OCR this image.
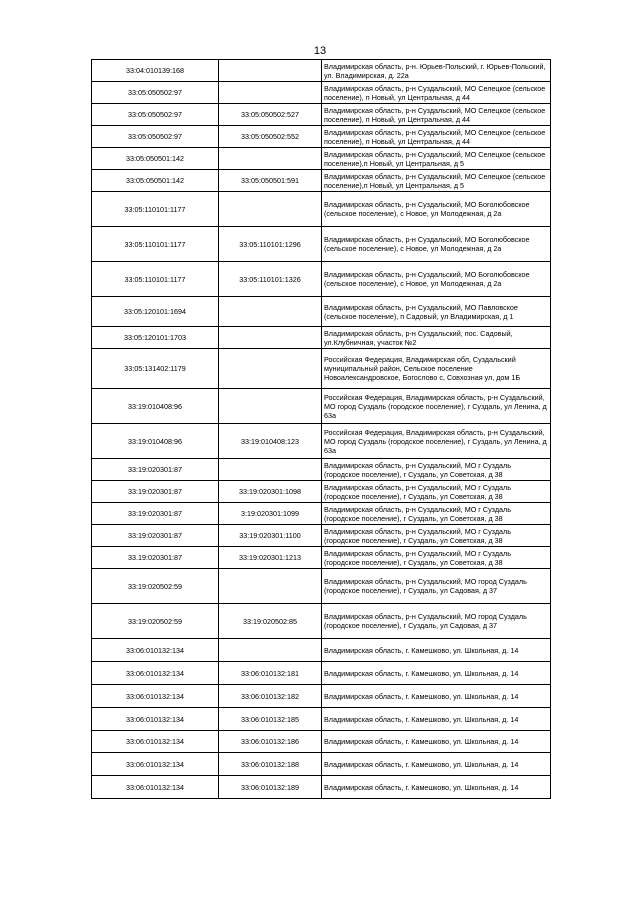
13
33:04:010139:168		Владимирская область, р-н. Юрьев-Польский, г. Юрьев-Польский, ул. Владимирская, д. 22а
33:05:050502:97		Владимирская область, р-н Суздальский, МО Селецкое (сельское поселение), п Новый, ул Центральная, д 44
33:05:050502:97	33:05:050502:527	Владимирская область, р-н Суздальский, МО Селецкое (сельское поселение), п Новый, ул Центральная, д 44
33:05:050502:97	33:05:050502:552	Владимирская область, р-н Суздальский, МО Селецкое (сельское поселение), п Новый, ул Центральная, д 44
33:05:050501:142		Владимирская область, р-н Суздальский, МО Селецкое (сельское поселение),п Новый, ул Центральная, д 5
33:05:050501:142	33:05:050501:591	Владимирская область, р-н Суздальский, МО Селецкое (сельское поселение),п Новый, ул Центральная, д 5
33:05:110101:1177		Владимирская область, р-н Суздальский, МО Боголюбовское (сельское поселение), с Новое, ул Молодежная, д 2а
33:05:110101:1177	33:05:110101:1296	Владимирская область, р-н Суздальский, МО Боголюбовское (сельское поселение), с Новое, ул Молодежная, д 2а
33:05:110101:1177	33:05:110101:1326	Владимирская область, р-н Суздальский, МО Боголюбовское (сельское поселение), с Новое, ул Молодежная, д 2а
33:05:120101:1694		Владимирская область, р-н Суздальский, МО Павловское (сельское поселение), п Садовый, ул Владимирская, д 1
33:05:120101:1703		Владимирская область, р-н Суздальский, пос. Садовый, ул.Клубничная, участок №2
33:05:131402:1179		Российская Федерация, Владимирская обл, Суздальский муниципальный район, Сельское поселение Новоалександровское, Богослово с, Совхозная ул, дом 1Б
33:19:010408:96		Российская Федерация, Владимирская область, р-н Суздальский, МО город Суздаль (городское поселение), г Суздаль, ул Ленина, д 63а
33:19:010408:96	33:19:010408:123	Российская Федерация, Владимирская область, р-н Суздальский, МО город Суздаль (городское поселение), г Суздаль, ул Ленина, д 63а
33:19:020301:87		Владимирская область, р-н Суздальский, МО г Суздаль (городское поселение), г Суздаль, ул Советская, д 38
33:19:020301:87	33:19:020301:1098	Владимирская область, р-н Суздальский, МО г Суздаль (городское поселение), г Суздаль, ул Советская, д 38
33:19:020301:87	3:19:020301:1099	Владимирская область, р-н Суздальский, МО г Суздаль (городское поселение), г Суздаль, ул Советская, д 38
33:19:020301:87	33:19:020301:1100	Владимирская область, р-н Суздальский, МО г Суздаль (городское поселение), г Суздаль, ул Советская, д 38
33.19:020301:87	33:19:020301:1213	Владимирская область, р-н Суздальский, МО г Суздаль (городское поселение), г Суздаль, ул Советская, д 38
33:19:020502:59		Владимирская область, р-н Суздальский, МО город Суздаль (городское поселение), г Суздаль, ул Садовая, д 37
33:19:020502:59	33:19:020502:85	Владимирская область, р-н Суздальский, МО город Суздаль (городское поселение), г Суздаль, ул Садовая, д 37
33:06:010132:134		Владимирская область, г. Камешково, ул. Школьная, д. 14
33:06:010132:134	33:06:010132:181	Владимирская область, г. Камешково, ул. Школьная, д. 14
33:06:010132:134	33:06:010132:182	Владимирская область, г. Камешково, ул. Школьная, д. 14
33:06:010132:134	33:06:010132:185	Владимирская область, г. Камешково, ул. Школьная, д. 14
33:06:010132:134	33:06:010132:186	Владимирская область, г. Камешково, ул. Школьная, д. 14
33:06:010132:134	33:06:010132:188	Владимирская область, г. Камешково, ул. Школьная, д. 14
33:06:010132:134	33:06:010132:189	Владимирская область, г. Камешково, ул. Школьная, д. 14
